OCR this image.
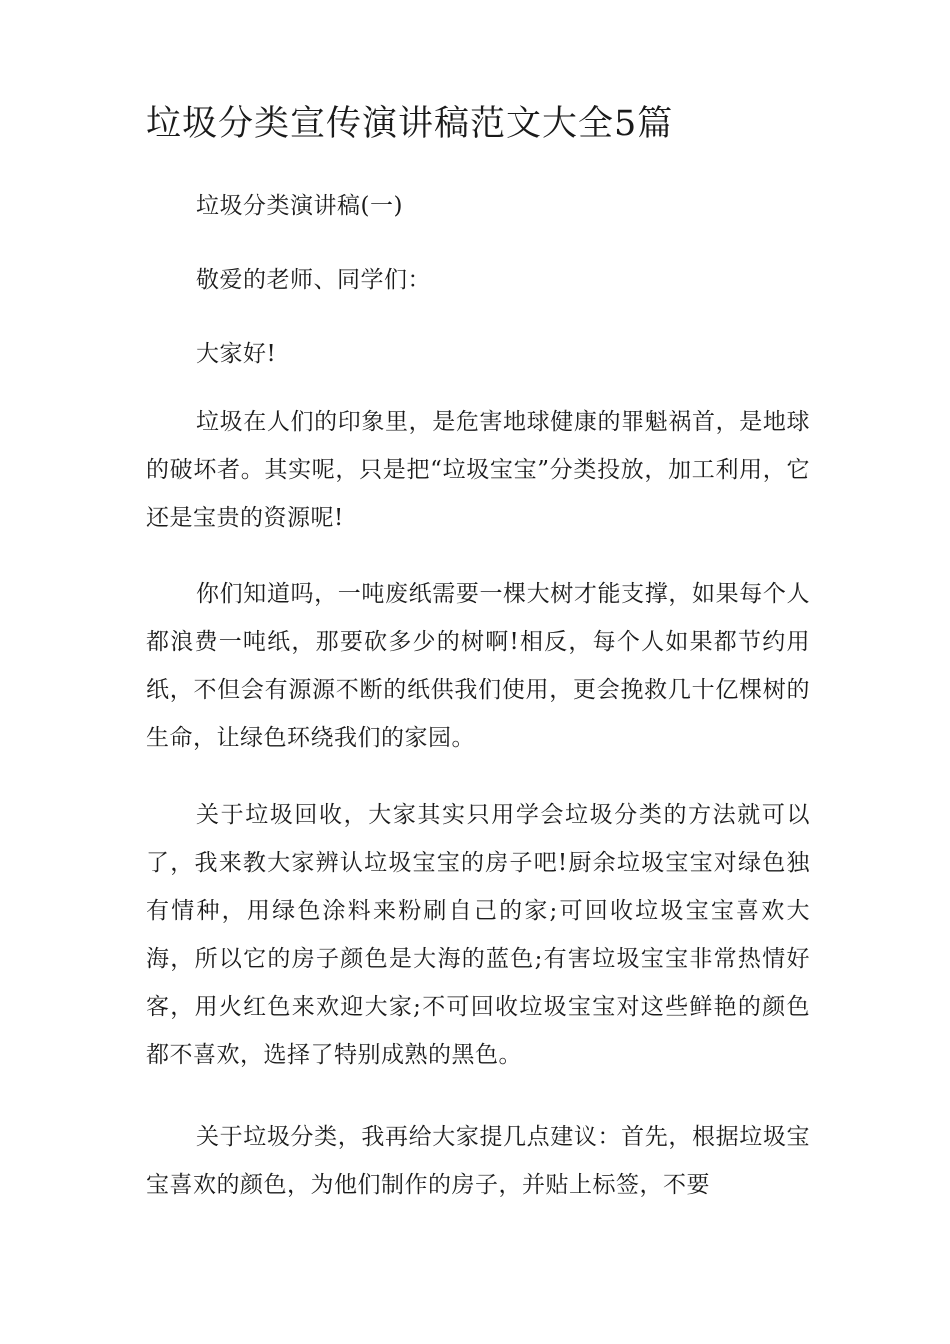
垃圾分类宣传演讲稿范文大全5篇

垃圾分类演讲稿(一)

敬爱的老师、同学们：

大家好!

垃圾在人们的印象里，是危害地球健康的罪魁祸首，是地球的破坏者。其实呢，只是把“垃圾宝宝”分类投放，加工利用，它还是宝贵的资源呢!

你们知道吗，一吨废纸需要一棵大树才能支撑，如果每个人都浪费一吨纸，那要砍多少的树啊!相反，每个人如果都节约用纸，不但会有源源不断的纸供我们使用，更会挽救几十亿棵树的生命，让绿色环绕我们的家园。

关于垃圾回收，大家其实只用学会垃圾分类的方法就可以了，我来教大家辨认垃圾宝宝的房子吧!厨余垃圾宝宝对绿色独有情种，用绿色涂料来粉刷自己的家;可回收垃圾宝宝喜欢大海，所以它的房子颜色是大海的蓝色;有害垃圾宝宝非常热情好客，用火红色来欢迎大家;不可回收垃圾宝宝对这些鲜艳的颜色都不喜欢，选择了特别成熟的黑色。

关于垃圾分类，我再给大家提几点建议：首先，根据垃圾宝宝喜欢的颜色，为他们制作的房子，并贴上标签，不要
